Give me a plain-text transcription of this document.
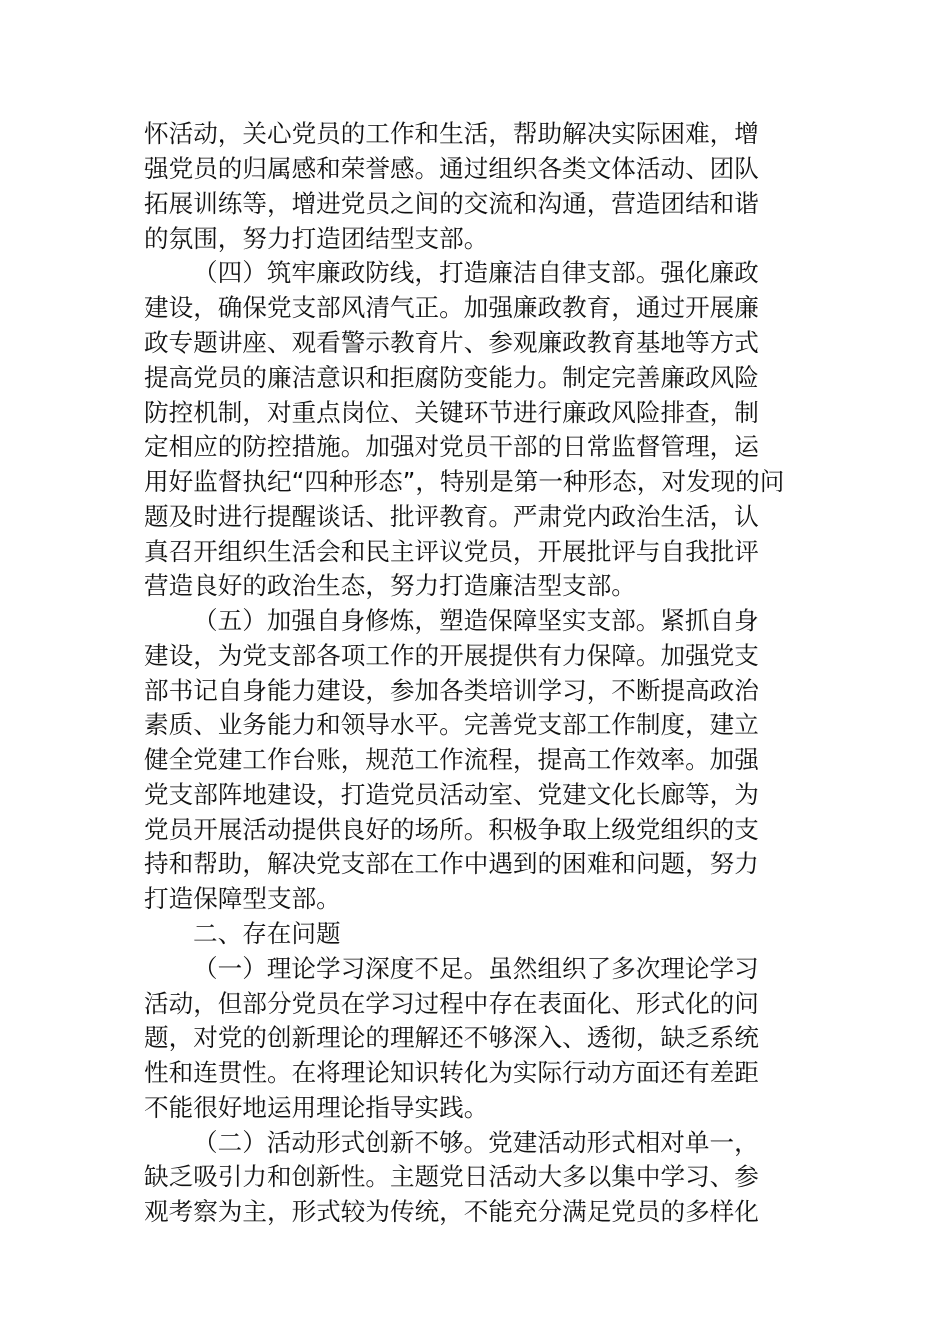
怀活动，关心党员的工作和生活，帮助解决实际困难，增
强党员的归属感和荣誉感。通过组织各类文体活动、团队
拓展训练等，增进党员之间的交流和沟通，营造团结和谐
的氛围，努力打造团结型支部。
（四）筑牢廉政防线，打造廉洁自律支部。强化廉政
建设，确保党支部风清气正。加强廉政教育，通过开展廉
政专题讲座、观看警示教育片、参观廉政教育基地等方式
提高党员的廉洁意识和拒腐防变能力。制定完善廉政风险
防控机制，对重点岗位、关键环节进行廉政风险排查，制
定相应的防控措施。加强对党员干部的日常监督管理，运
用好监督执纪“四种形态”，特别是第一种形态，对发现的问
题及时进行提醒谈话、批评教育。严肃党内政治生活，认
真召开组织生活会和民主评议党员，开展批评与自我批评
营造良好的政治生态，努力打造廉洁型支部。
（五）加强自身修炼，塑造保障坚实支部。紧抓自身
建设，为党支部各项工作的开展提供有力保障。加强党支
部书记自身能力建设，参加各类培训学习，不断提高政治
素质、业务能力和领导水平。完善党支部工作制度，建立
健全党建工作台账，规范工作流程，提高工作效率。加强
党支部阵地建设，打造党员活动室、党建文化长廊等，为
党员开展活动提供良好的场所。积极争取上级党组织的支
持和帮助，解决党支部在工作中遇到的困难和问题，努力
打造保障型支部。
二、存在问题
（一）理论学习深度不足。虽然组织了多次理论学习
活动，但部分党员在学习过程中存在表面化、形式化的问
题，对党的创新理论的理解还不够深入、透彻，缺乏系统
性和连贯性。在将理论知识转化为实际行动方面还有差距
不能很好地运用理论指导实践。
（二）活动形式创新不够。党建活动形式相对单一，
缺乏吸引力和创新性。主题党日活动大多以集中学习、参
观考察为主，形式较为传统，不能充分满足党员的多样化
